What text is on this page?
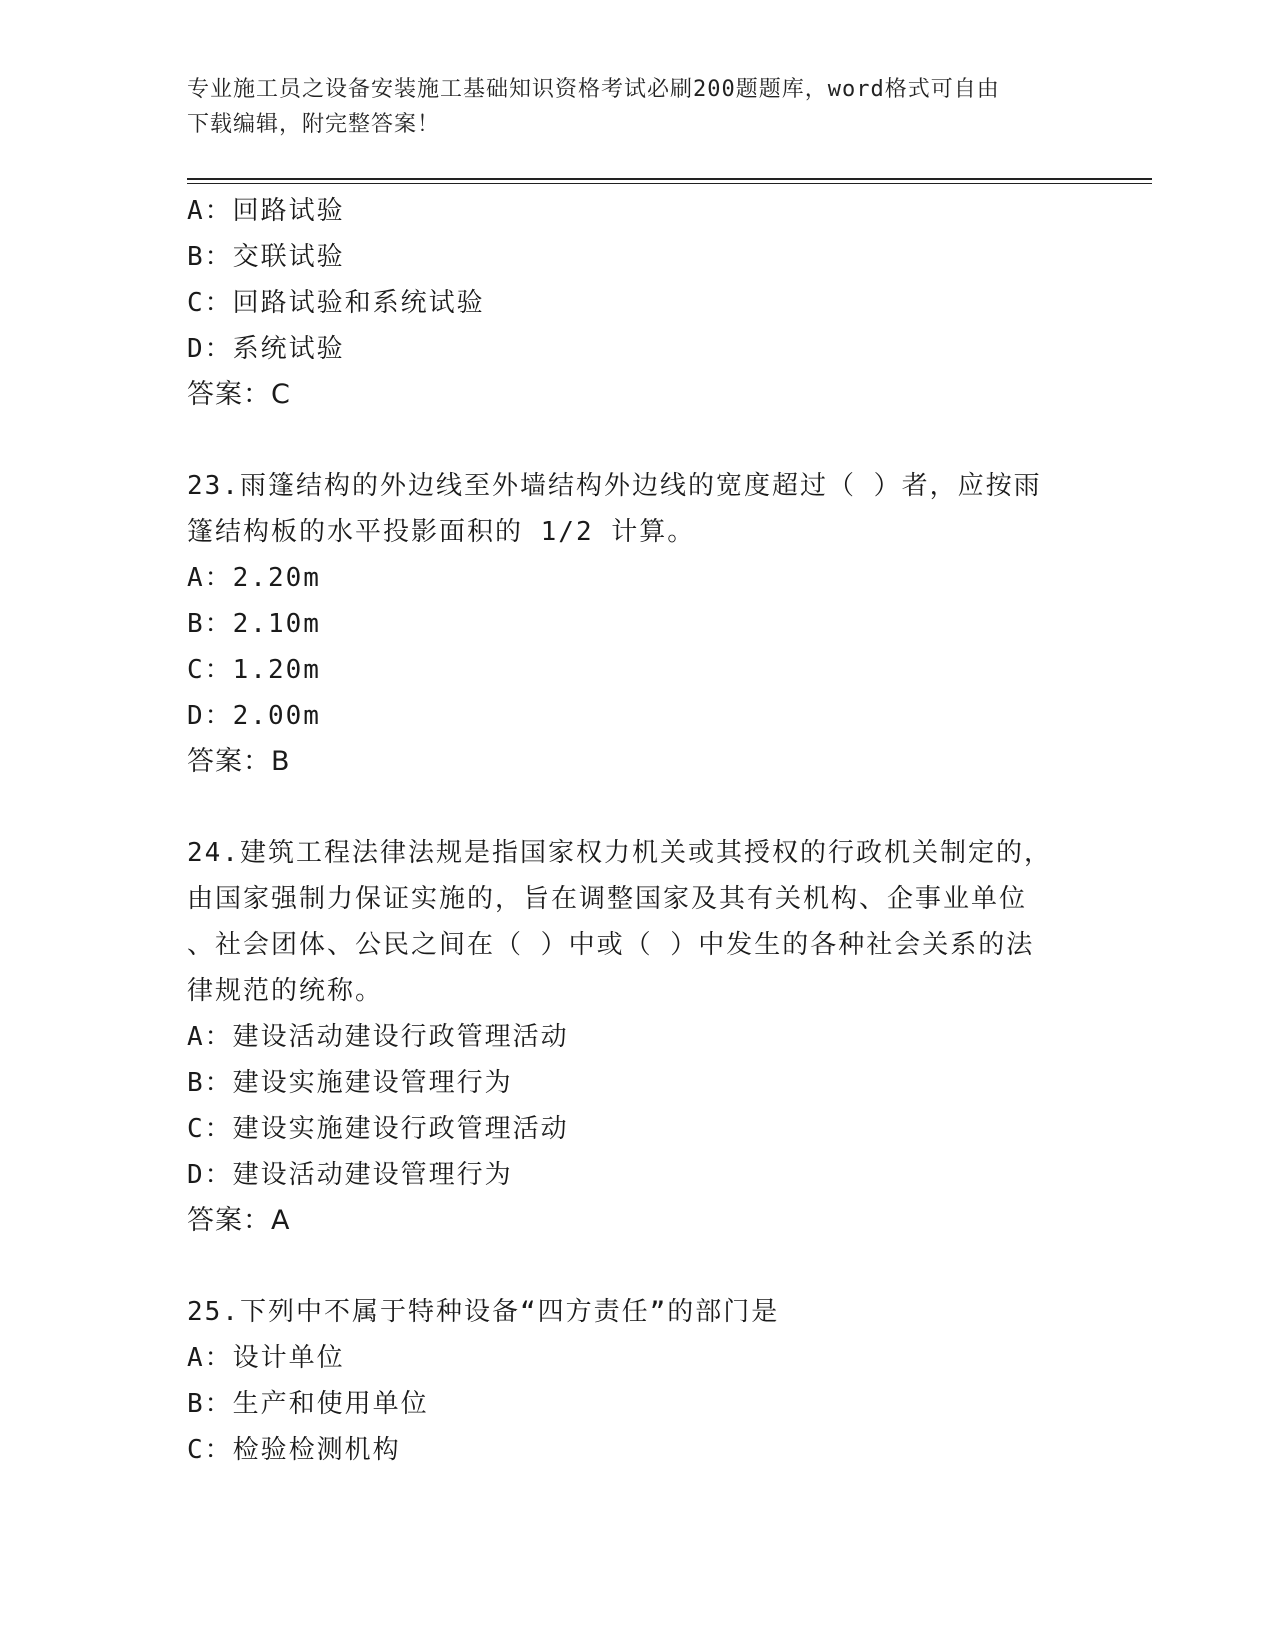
专业施工员之设备安装施工基础知识资格考试必刷200题题库，word格式可自由
下载编辑，附完整答案！
A：回路试验
B：交联试验
C：回路试验和系统试验
D：系统试验
答案：C
23.雨篷结构的外边线至外墙结构外边线的宽度超过（ ）者，应按雨
篷结构板的水平投影面积的 1/2 计算。
A：2.20m
B：2.10m
C：1.20m
D：2.00m
答案：B
24.建筑工程法律法规是指国家权力机关或其授权的行政机关制定的，
由国家强制力保证实施的，旨在调整国家及其有关机构、企事业单位
、社会团体、公民之间在（ ）中或（ ）中发生的各种社会关系的法
律规范的统称。
A：建设活动建设行政管理活动
B：建设实施建设管理行为
C：建设实施建设行政管理活动
D：建设活动建设管理行为
答案：A
25.下列中不属于特种设备“四方责任”的部门是
A：设计单位
B：生产和使用单位
C：检验检测机构
